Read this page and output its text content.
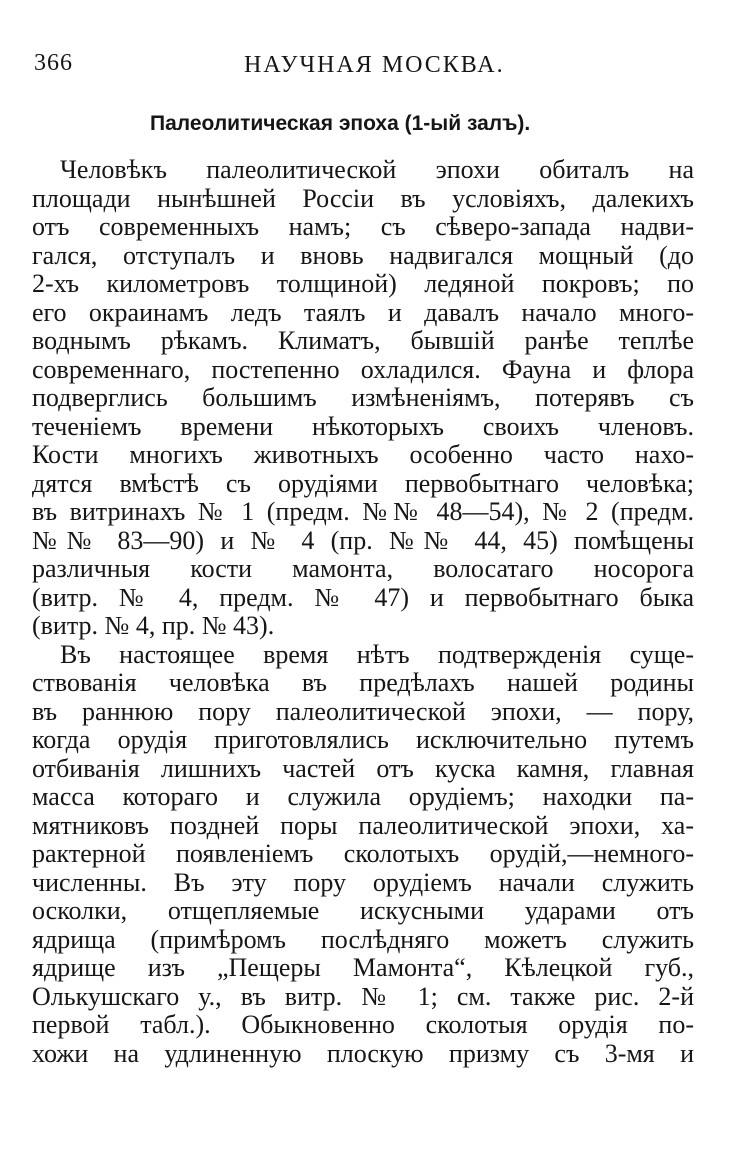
366	НАУЧНАЯ МОСКВА.
Палеолитическая эпоха (1-ый залъ).
Человѣкъ палеолитической эпохи обиталъ на
площади нынѣшней Россіи въ условіяхъ, далекихъ
отъ современныхъ намъ; съ сѣверо-запада надви-
гался, отступалъ и вновь надвигался мощный (до
2-хъ километровъ толщиной) ледяной покровъ; по
его окраинамъ ледъ таялъ и давалъ начало много-
воднымъ рѣкамъ. Климатъ, бывшій ранѣе теплѣе
современнаго, постепенно охладился. Фауна и флора
подверглись большимъ измѣненіямъ, потерявъ съ
теченіемъ времени нѣкоторыхъ своихъ членовъ.
Кости многихъ животныхъ особенно часто нахо-
дятся вмѣстѣ съ орудіями первобытнаго человѣка;
въ витринахъ № 1 (предм. №№ 48—54), № 2 (предм.
№№ 83—90) и № 4 (пр. №№ 44, 45) помѣщены
различныя кости мамонта, волосатаго носорога
(витр. № 4, предм. № 47) и первобытнаго быка
(витр. № 4, пр. № 43).
Въ настоящее время нѣтъ подтвержденія суще-
ствованія человѣка въ предѣлахъ нашей родины
въ раннюю пору палеолитической эпохи, — пору,
когда орудія приготовлялись исключительно путемъ
отбиванія лишнихъ частей отъ куска камня, главная
масса котораго и служила орудіемъ; находки па-
мятниковъ поздней поры палеолитической эпохи, ха-
рактерной появленіемъ сколотыхъ орудій,—немного-
численны. Въ эту пору орудіемъ начали служить
осколки, отщепляемые искусными ударами отъ
ядрища (примѣромъ послѣдняго можетъ служить
ядрище изъ „Пещеры Мамонта“, Кѣлецкой губ.,
Олькушскаго у., въ витр. № 1; см. также рис. 2-й
первой табл.). Обыкновенно сколотыя орудія по-
хожи на удлиненную плоскую призму съ 3-мя и
